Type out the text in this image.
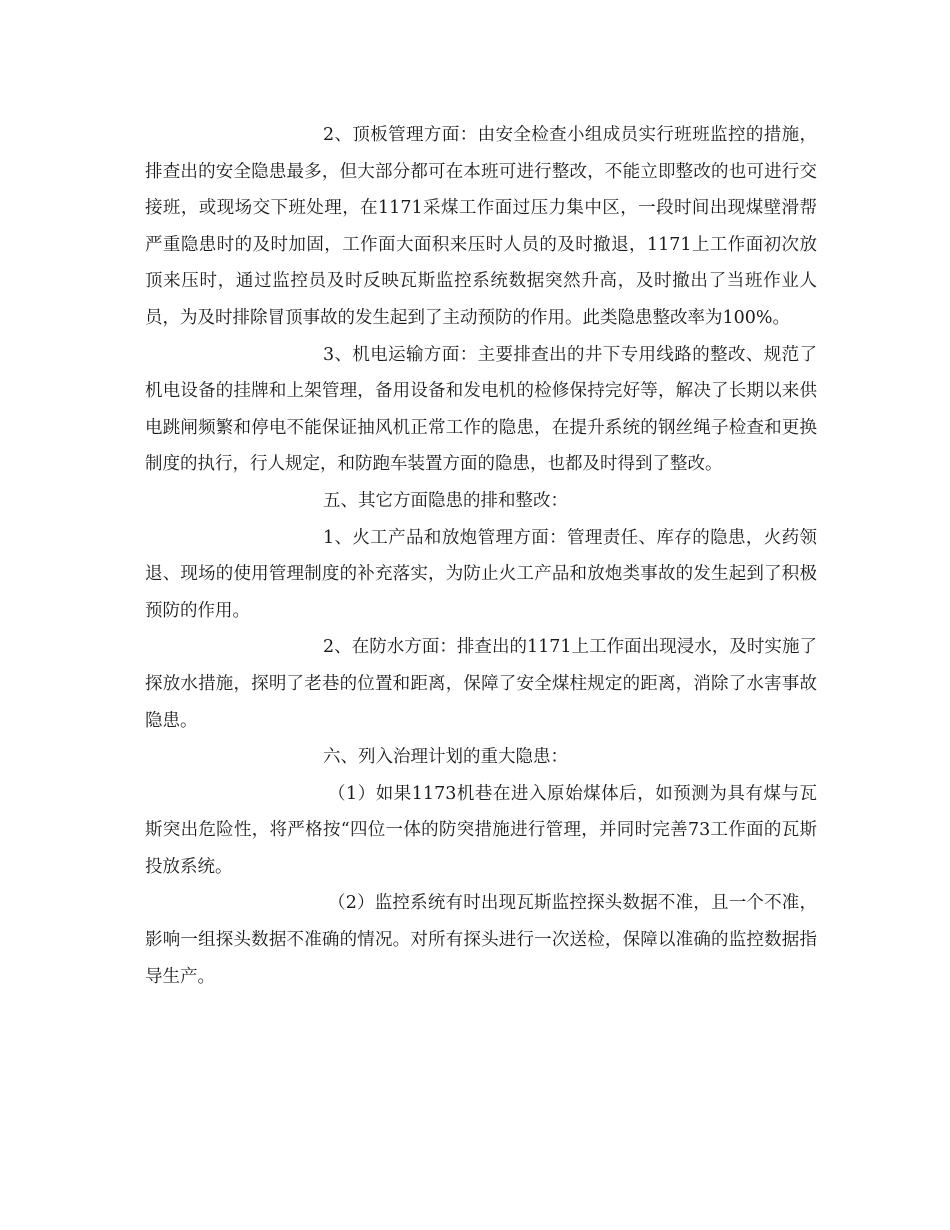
2、顶板管理方面：由安全检查小组成员实行班班监控的措施，排查出的安全隐患最多，但大部分都可在本班可进行整改，不能立即整改的也可进行交接班，或现场交下班处理，在1171采煤工作面过压力集中区，一段时间出现煤壁滑帮严重隐患时的及时加固，工作面大面积来压时人员的及时撤退，1171上工作面初次放顶来压时，通过监控员及时反映瓦斯监控系统数据突然升高，及时撤出了当班作业人员，为及时排除冒顶事故的发生起到了主动预防的作用。此类隐患整改率为100%。

3、机电运输方面：主要排查出的井下专用线路的整改、规范了机电设备的挂牌和上架管理，备用设备和发电机的检修保持完好等，解决了长期以来供电跳闸频繁和停电不能保证抽风机正常工作的隐患，在提升系统的钢丝绳子检查和更换制度的执行，行人规定，和防跑车装置方面的隐患，也都及时得到了整改。

五、其它方面隐患的排和整改：

1、火工产品和放炮管理方面：管理责任、库存的隐患，火药领退、现场的使用管理制度的补充落实，为防止火工产品和放炮类事故的发生起到了积极预防的作用。

2、在防水方面：排查出的1171上工作面出现浸水，及时实施了探放水措施，探明了老巷的位置和距离，保障了安全煤柱规定的距离，消除了水害事故隐患。

六、列入治理计划的重大隐患：

（1）如果1173机巷在进入原始煤体后，如预测为具有煤与瓦斯突出危险性，将严格按“四位一体的防突措施进行管理，并同时完善73工作面的瓦斯投放系统。

（2）监控系统有时出现瓦斯监控探头数据不准，且一个不准，影响一组探头数据不准确的情况。对所有探头进行一次送检，保障以准确的监控数据指导生产。
